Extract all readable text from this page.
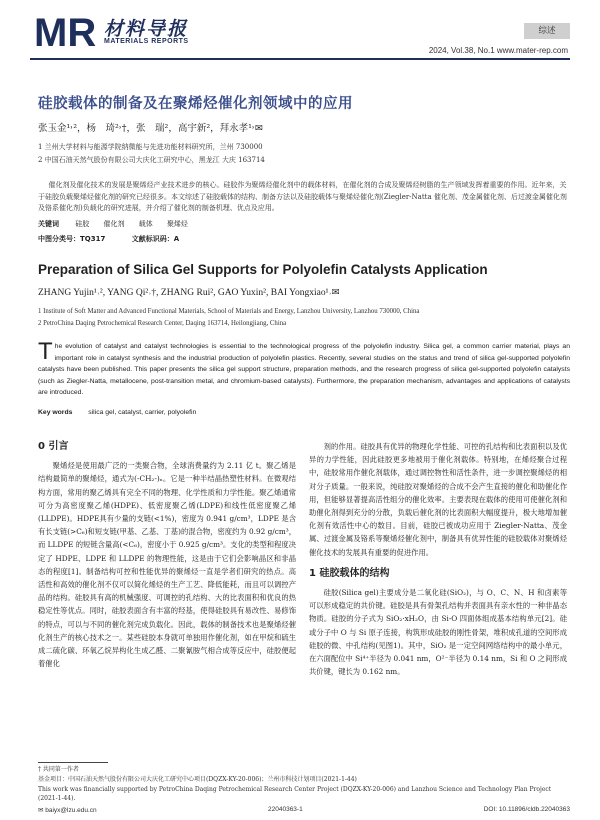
MR 材料导报
MATERIALS REPORTS
综述
2024, Vol.38, No.1 www.mater-rep.com
硅胶载体的制备及在聚烯烃催化剂领域中的应用
张玉金¹˒²，杨　琦²˒†，张　瑞²，高宇新²，拜永孝¹˒✉
1 兰州大学材料与能源学院纳微能与先进功能材料研究所，兰州 730000
2 中国石油天然气股份有限公司大庆化工研究中心，黑龙江 大庆 163714
催化剂及催化技术的发展是聚烯烃产业技术进步的核心。硅胶作为聚烯烃催化剂中的载体材料，在催化剂的合成及聚烯烃树脂的生产领域发挥着重要的作用。近年来，关于硅胶负载聚烯烃催化剂的研究已经很多。本文综述了硅胶载体的结构、制备方法以及硅胶载体与聚烯烃催化剂(Ziegler-Natta 催化剂、茂金属催化剂、后过渡金属催化剂及铬系催化剂)负载化的研究进展，并介绍了催化剂的制备机理、优点及应用。
关键词 硅胶 催化剂 载体 聚烯烃
中图分类号：TQ317	文献标识码：A
Preparation of Silica Gel Supports for Polyolefin Catalysts Application
ZHANG Yujin¹˒², YANG Qi²˒†, ZHANG Rui², GAO Yuxin², BAI Yongxiao¹˒✉
1 Institute of Soft Matter and Advanced Functional Materials, School of Materials and Energy, Lanzhou University, Lanzhou 730000, China
2 PetroChina Daqing Petrochemical Research Center, Daqing 163714, Heilongjiang, China
T he evolution of catalyst and catalyst technologies is essential to the technological progress of the polyolefin industry. Silica gel, a common carrier material, plays an important role in catalyst synthesis and the industrial production of polyolefin plastics. Recently, several studies on the status and trend of silica gel-supported polyolefin catalysts have been published. This paper presents the silica gel support structure, preparation methods, and the research progress of silica gel-supported polyolefin catalysts (such as Ziegler-Natta, metallocene, post-transition metal, and chromium-based catalysts). Furthermore, the preparation mechanism, advantages and applications of catalysts are introduced.
Key words silica gel, catalyst, carrier, polyolefin
0 引言

聚烯烃是使用最广泛的一类聚合物，全球消费量约为 2.11 亿 t。聚乙烯是结构最简单的聚烯烃，通式为(-CH₂-)ₙ。它是一种半结晶热塑性材料。在微观结构方面，常用的聚乙烯具有完全不同的物理、化学性质和力学性能。聚乙烯通常可分为高密度聚乙烯(HDPE)、低密度聚乙烯(LDPE)和线性低密度聚乙烯(LLDPE)。HDPE具有少量的支链(<1%)，密度为 0.941 g/cm³，LDPE 是含有长支链(>C₆)和短支链(甲基、乙基、丁基)的混合物，密度约为 0.92 g/cm³，而 LLDPE 的短链含量高(<C₆)，密度小于 0.925 g/cm³。支化的类型和程度决定了 HDPE、LDPE 和 LLDPE 的物理性能，这是由于它们会影响晶区和非晶态的程度[1]。制备结构可控和性能优异的聚烯烃一直是学者们研究的热点。高活性和高效的催化剂不仅可以简化烯烃的生产工艺、降低能耗，而且可以调控产品的结构。硅胶具有高的机械强度、可调控的孔结构、大的比表面积和优良的热稳定性等优点。同时，硅胶表面含有丰富的羟基，使得硅胶具有易改性、易修饰的特点，可以与不同的催化剂完成负载化。因此，载体的制备技术也是聚烯烃催化剂生产的核心技术之一。某些硅胶本身就可单独用作催化剂，如在甲烷和硫生成二硫化碳、环氧乙烷异构化生成乙醛、二聚氰胺气相合成等反应中，硅胶便起着催化

剂的作用。硅胶具有优异的物理化学性能、可控的孔结构和比表面积以及优异的力学性能，因此硅胶更多地被用于催化剂载体。特别地，在烯烃聚合过程中，硅胶常用作催化剂载体，通过调控物性和活性条件，进一步调控聚烯烃的相对分子质量。一般来说，纯硅胶对聚烯烃的合成不会产生直接的催化和助催化作用，但能够显著提高活性组分的催化效率。主要表现在载体的使用可使催化剂和助催化剂得到充分的分散，负载后催化剂的比表面积大幅度提升，极大地增加催化剂有效活性中心的数目。目前，硅胶已被成功应用于 Ziegler-Natta、茂金属、过渡金属及铬系等聚烯烃催化剂中，制备具有优异性能的硅胶载体对聚烯烃催化技术的发展具有重要的促进作用。

1 硅胶载体的结构

硅胶(Silica gel)主要成分是二氧化硅(SiO₂)，与 O、C、N、H 和卤素等可以形成稳定的共价键。硅胶是具有骨架孔结构并表面具有亲水性的一种非晶态物质。硅胶的分子式为 SiO₂·xH₂O，由 Si-O 四面体组成基本结构单元[2]。硅或分子中 O 与 Si 原子连接，构筑形成硅胶的刚性骨架，堆积成孔道的空间形成硅胶的微、中孔结构(见图1)。其中，SiO₂ 是一定空间网络结构中的最小单元，在六面配位中 Si⁴⁺半径为 0.041 nm，O²⁻半径为 0.14 nm，Si 和 O 之间形成共价键，键长为 0.162 nm。

† 共同第一作者
基金项目：中国石油天然气股份有限公司大庆化工研究中心项目(DQZX-KY-20-006)；兰州市科技计划项目(2021-1-44)
This work was financially supported by PetroChina Daqing Petrochemical Research Center Project (DQZX-KY-20-006) and Lanzhou Science and Technology Plan Project (2021-1-44).
✉ baiyx@lzu.edu.cn	22040363-1	DOI: 10.11896/cldb.22040363
